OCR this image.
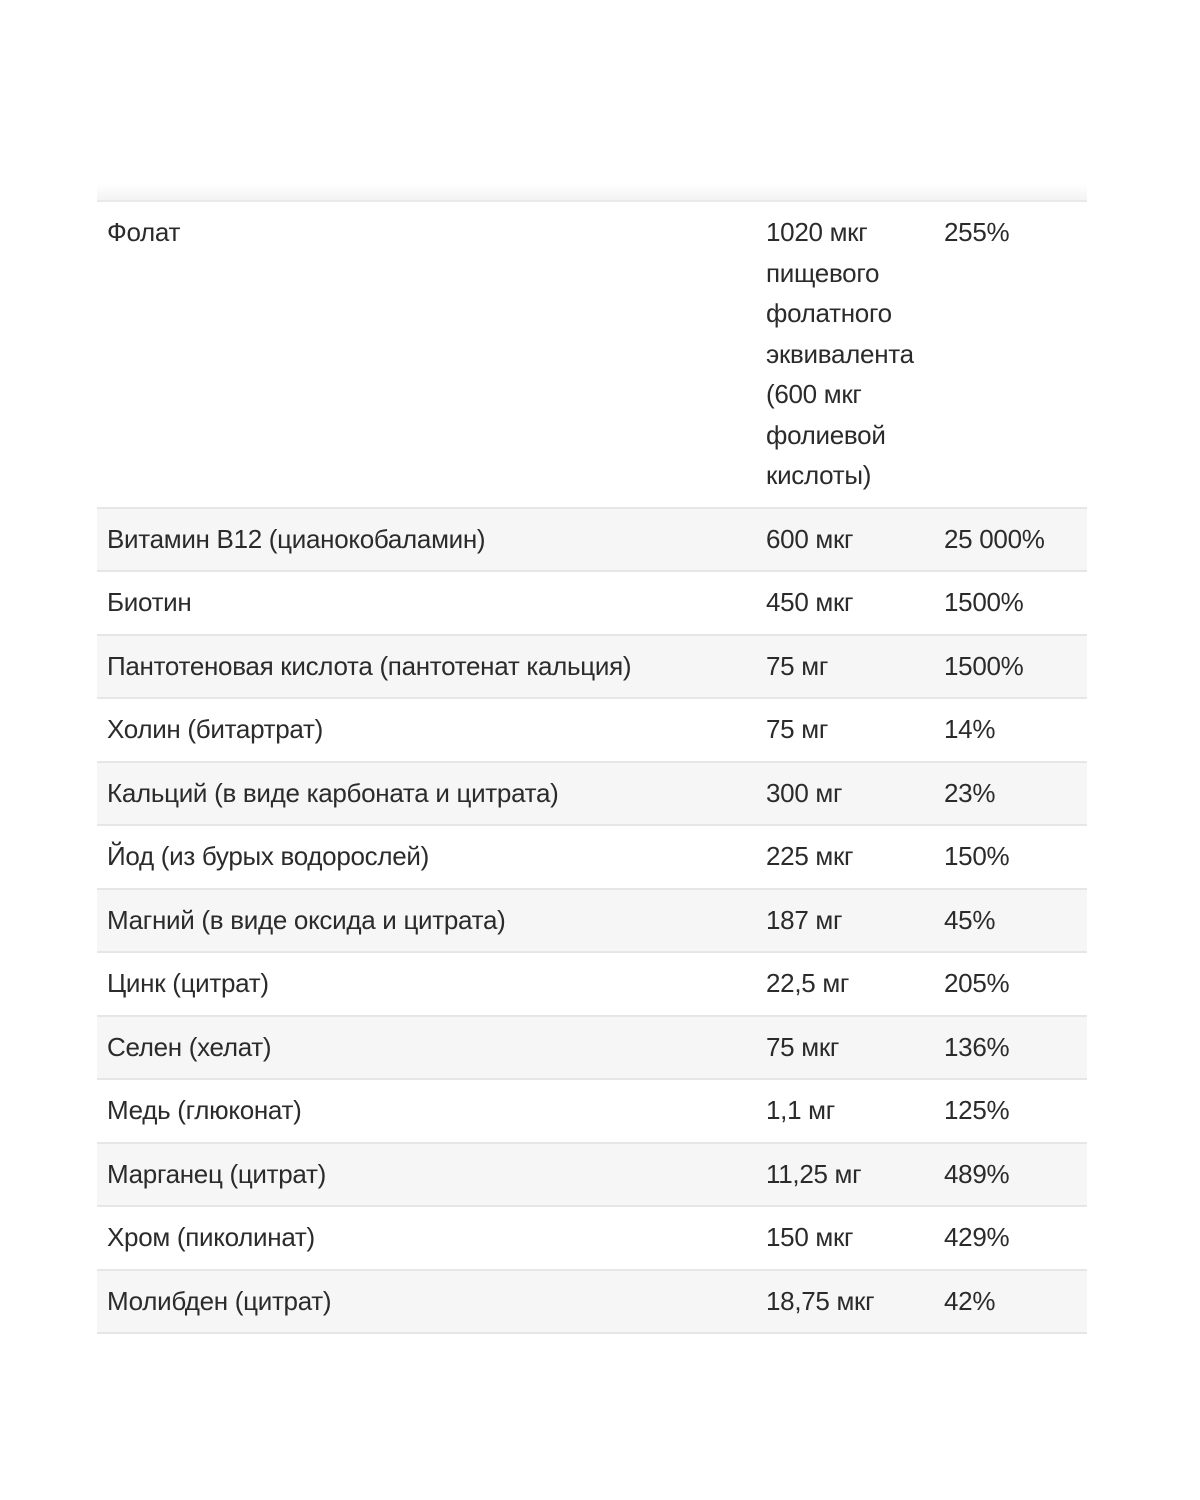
Фолат	1020 мкг пищевого фолатного эквивалента (600 мкг фолиевой кислоты)	255%
Витамин B12 (цианокобаламин)	600 мкг	25 000%
Биотин	450 мкг	1500%
Пантотеновая кислота (пантотенат кальция)	75 мг	1500%
Холин (битартрат)	75 мг	14%
Кальций (в виде карбоната и цитрата)	300 мг	23%
Йод (из бурых водорослей)	225 мкг	150%
Магний (в виде оксида и цитрата)	187 мг	45%
Цинк (цитрат)	22,5 мг	205%
Селен (хелат)	75 мкг	136%
Медь (глюконат)	1,1 мг	125%
Марганец (цитрат)	11,25 мг	489%
Хром (пиколинат)	150 мкг	429%
Молибден (цитрат)	18,75 мкг	42%
